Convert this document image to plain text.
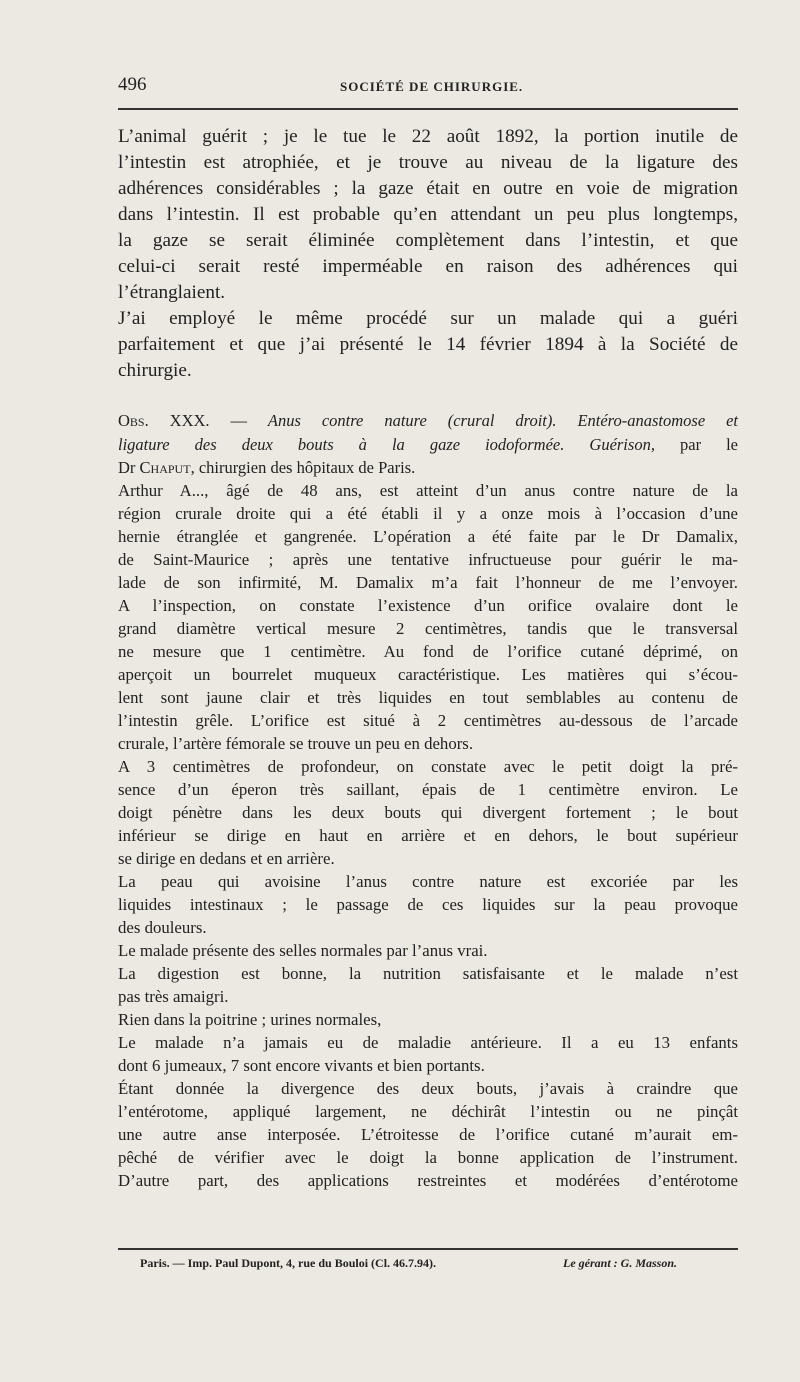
496	SOCIÉTÉ DE CHIRURGIE.
L’animal guérit ; je le tue le 22 août 1892, la portion inutile de
l’intestin est atrophiée, et je trouve au niveau de la ligature des
adhérences considérables ; la gaze était en outre en voie de migration
dans l’intestin. Il est probable qu’en attendant un peu plus longtemps,
la gaze se serait éliminée complètement dans l’intestin, et que
celui-ci serait resté imperméable en raison des adhérences qui
l’étranglaient.
J’ai employé le même procédé sur un malade qui a guéri
parfaitement et que j’ai présenté le 14 février 1894 à la Société de
chirurgie.
Obs. XXX. — Anus contre nature (crural droit). Entéro-anastomose et
ligature des deux bouts à la gaze iodoformée. Guérison, par le
Dr Chaput, chirurgien des hôpitaux de Paris.
Arthur A..., âgé de 48 ans, est atteint d’un anus contre nature de la
région crurale droite qui a été établi il y a onze mois à l’occasion d’une
hernie étranglée et gangrenée. L’opération a été faite par le Dr Damalix,
de Saint-Maurice ; après une tentative infructueuse pour guérir le ma-
lade de son infirmité, M. Damalix m’a fait l’honneur de me l’envoyer.
A l’inspection, on constate l’existence d’un orifice ovalaire dont le
grand diamètre vertical mesure 2 centimètres, tandis que le transversal
ne mesure que 1 centimètre. Au fond de l’orifice cutané déprimé, on
aperçoit un bourrelet muqueux caractéristique. Les matières qui s’écou-
lent sont jaune clair et très liquides en tout semblables au contenu de
l’intestin grêle. L’orifice est situé à 2 centimètres au-dessous de l’arcade
crurale, l’artère fémorale se trouve un peu en dehors.
A 3 centimètres de profondeur, on constate avec le petit doigt la pré-
sence d’un éperon très saillant, épais de 1 centimètre environ. Le
doigt pénètre dans les deux bouts qui divergent fortement ; le bout
inférieur se dirige en haut en arrière et en dehors, le bout supérieur
se dirige en dedans et en arrière.
La peau qui avoisine l’anus contre nature est excoriée par les
liquides intestinaux ; le passage de ces liquides sur la peau provoque
des douleurs.
Le malade présente des selles normales par l’anus vrai.
La digestion est bonne, la nutrition satisfaisante et le malade n’est
pas très amaigri.
Rien dans la poitrine ; urines normales,
Le malade n’a jamais eu de maladie antérieure. Il a eu 13 enfants
dont 6 jumeaux, 7 sont encore vivants et bien portants.
Étant donnée la divergence des deux bouts, j’avais à craindre que
l’entérotome, appliqué largement, ne déchirât l’intestin ou ne pinçât
une autre anse interposée. L’étroitesse de l’orifice cutané m’aurait em-
pêché de vérifier avec le doigt la bonne application de l’instrument.
D’autre part, des applications restreintes et modérées d’entérotome
Paris. — Imp. Paul Dupont, 4, rue du Bouloi (Cl. 46.7.94).	Le gérant : G. Masson.
